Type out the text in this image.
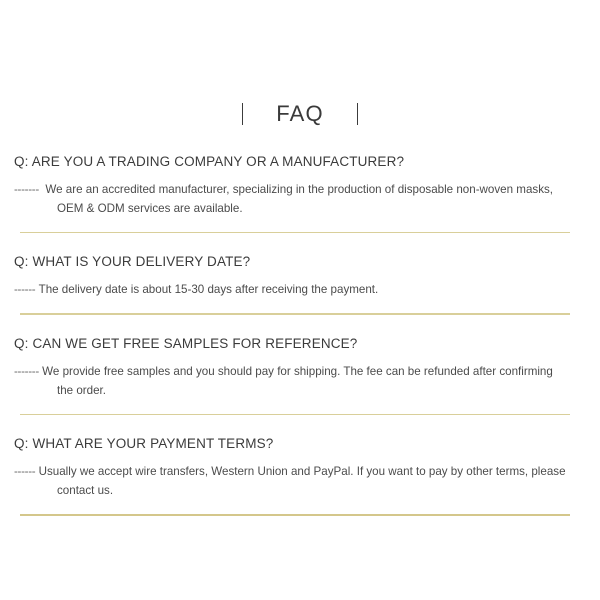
FAQ

Q: ARE YOU A TRADING COMPANY OR A MANUFACTURER?

------- We are an accredited manufacturer, specializing in the production of disposable non-woven masks, OEM & ODM services are available.

Q: WHAT IS YOUR DELIVERY DATE?

------ The delivery date is about 15-30 days after receiving the payment.

Q: CAN WE GET FREE SAMPLES FOR REFERENCE?

------- We provide free samples and you should pay for shipping. The fee can be refunded after confirming the order.

Q: WHAT ARE YOUR PAYMENT TERMS?

------ Usually we accept wire transfers, Western Union and PayPal. If you want to pay by other terms, please contact us.
